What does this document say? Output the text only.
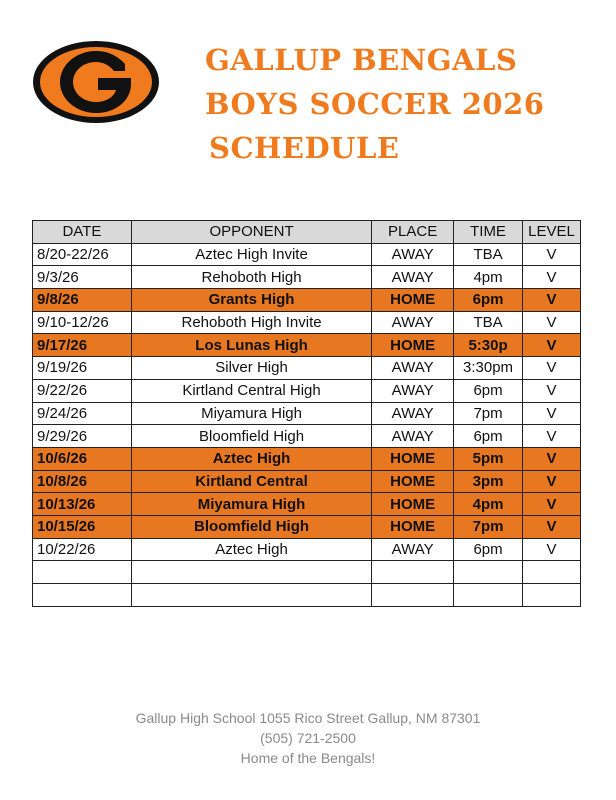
GALLUP BENGALS
BOYS SOCCER 2026
SCHEDULE
DATE	OPPONENT	PLACE	TIME	LEVEL
8/20-22/26	Aztec High Invite	AWAY	TBA	V
9/3/26	Rehoboth High	AWAY	4pm	V
9/8/26	Grants High	HOME	6pm	V
9/10-12/26	Rehoboth High Invite	AWAY	TBA	V
9/17/26	Los Lunas High	HOME	5:30p	V
9/19/26	Silver High	AWAY	3:30pm	V
9/22/26	Kirtland Central High	AWAY	6pm	V
9/24/26	Miyamura High	AWAY	7pm	V
9/29/26	Bloomfield High	AWAY	6pm	V
10/6/26	Aztec High	HOME	5pm	V
10/8/26	Kirtland Central	HOME	3pm	V
10/13/26	Miyamura High	HOME	4pm	V
10/15/26	Bloomfield High	HOME	7pm	V
10/22/26	Aztec High	AWAY	6pm	V

Gallup High School 1055 Rico Street Gallup, NM 87301
(505) 721-2500
Home of the Bengals!
